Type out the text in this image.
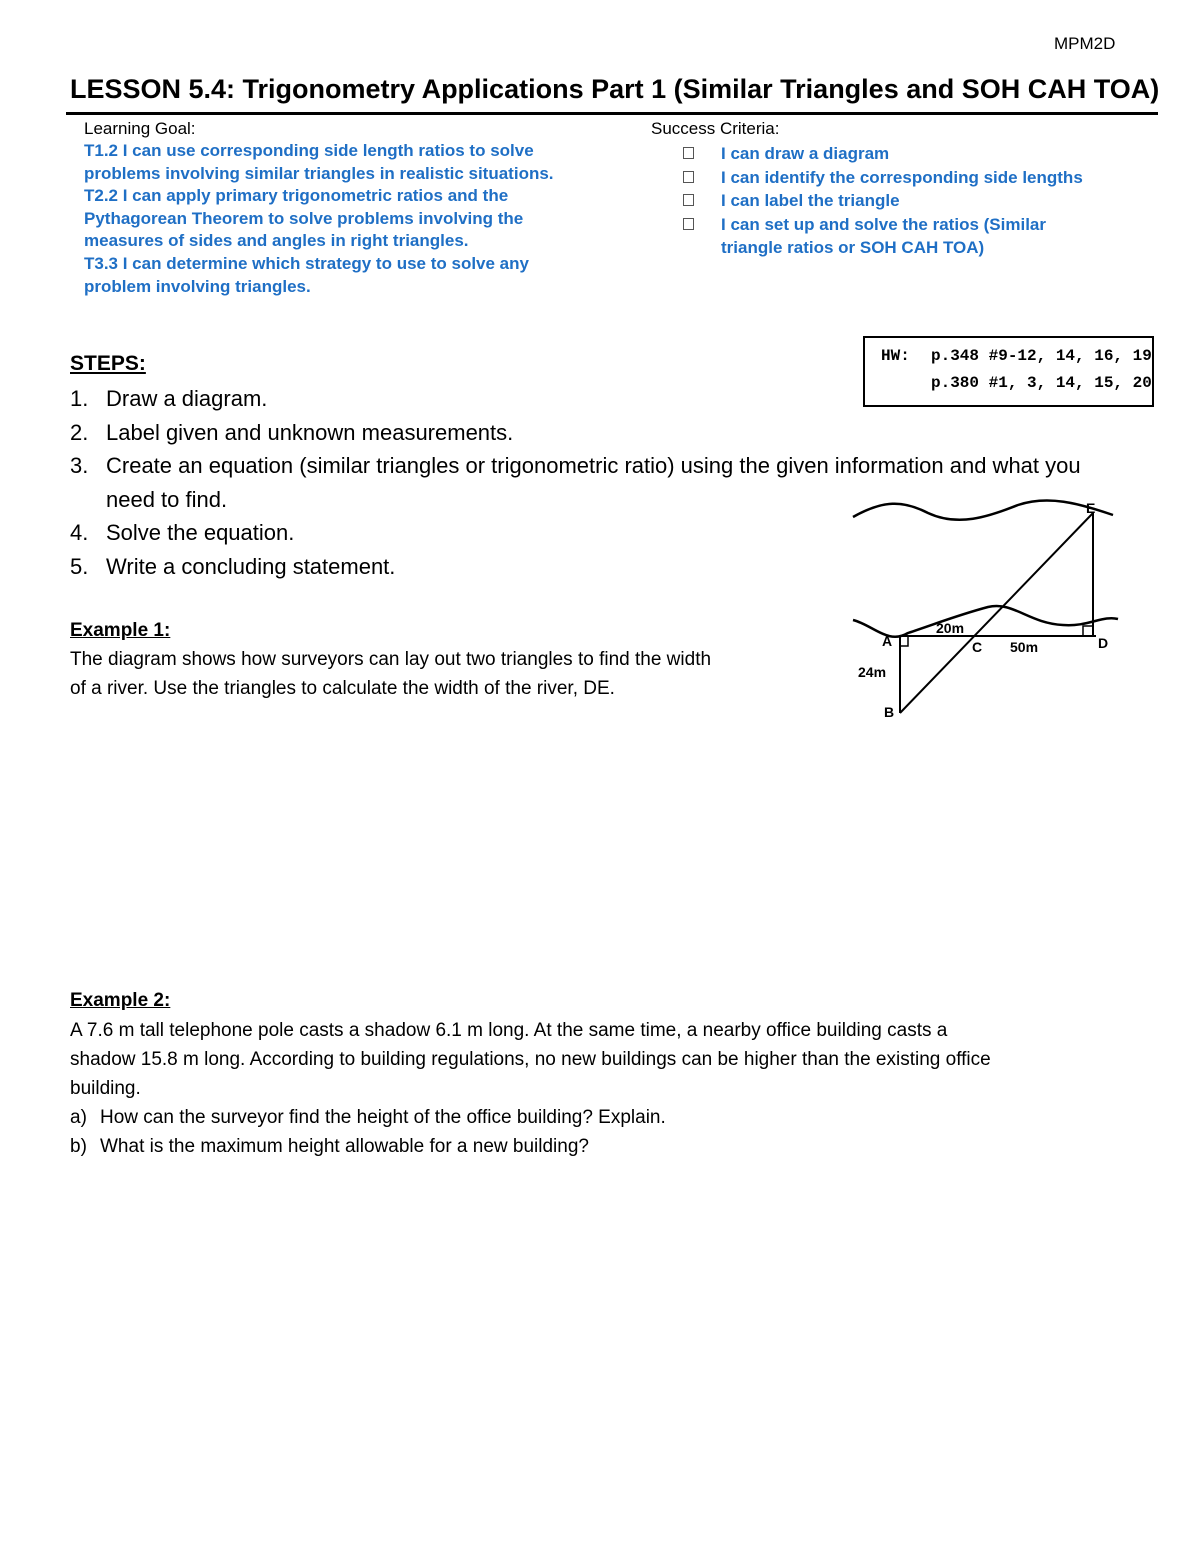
MPM2D
LESSON 5.4: Trigonometry Applications Part 1 (Similar Triangles and SOH CAH TOA)
Learning Goal:
T1.2 I can use corresponding side length ratios to solve
problems involving similar triangles in realistic situations.
T2.2 I can apply primary trigonometric ratios and the
Pythagorean Theorem to solve problems involving the
measures of sides and angles in right triangles.
T3.3 I can determine which strategy to use to solve any
problem involving triangles.
Success Criteria:
I can draw a diagram
I can identify the corresponding side lengths
I can label the triangle
I can set up and solve the ratios (Similar
triangle ratios or SOH CAH TOA)
HW: p.348 #9-12, 14, 16, 19
p.380 #1, 3, 14, 15, 20
STEPS:
1. Draw a diagram.
2. Label given and unknown measurements.
3. Create an equation (similar triangles or trigonometric ratio) using the given information and what you need to find.
4. Solve the equation.
5. Write a concluding statement.
Example 1:
The diagram shows how surveyors can lay out two triangles to find the width
of a river. Use the triangles to calculate the width of the river, DE.
E
A
B
C	D
20m
50m
24m
Example 2:
A 7.6 m tall telephone pole casts a shadow 6.1 m long. At the same time, a nearby office building casts a
shadow 15.8 m long. According to building regulations, no new buildings can be higher than the existing office
building.
a) How can the surveyor find the height of the office building? Explain.
b) What is the maximum height allowable for a new building?
